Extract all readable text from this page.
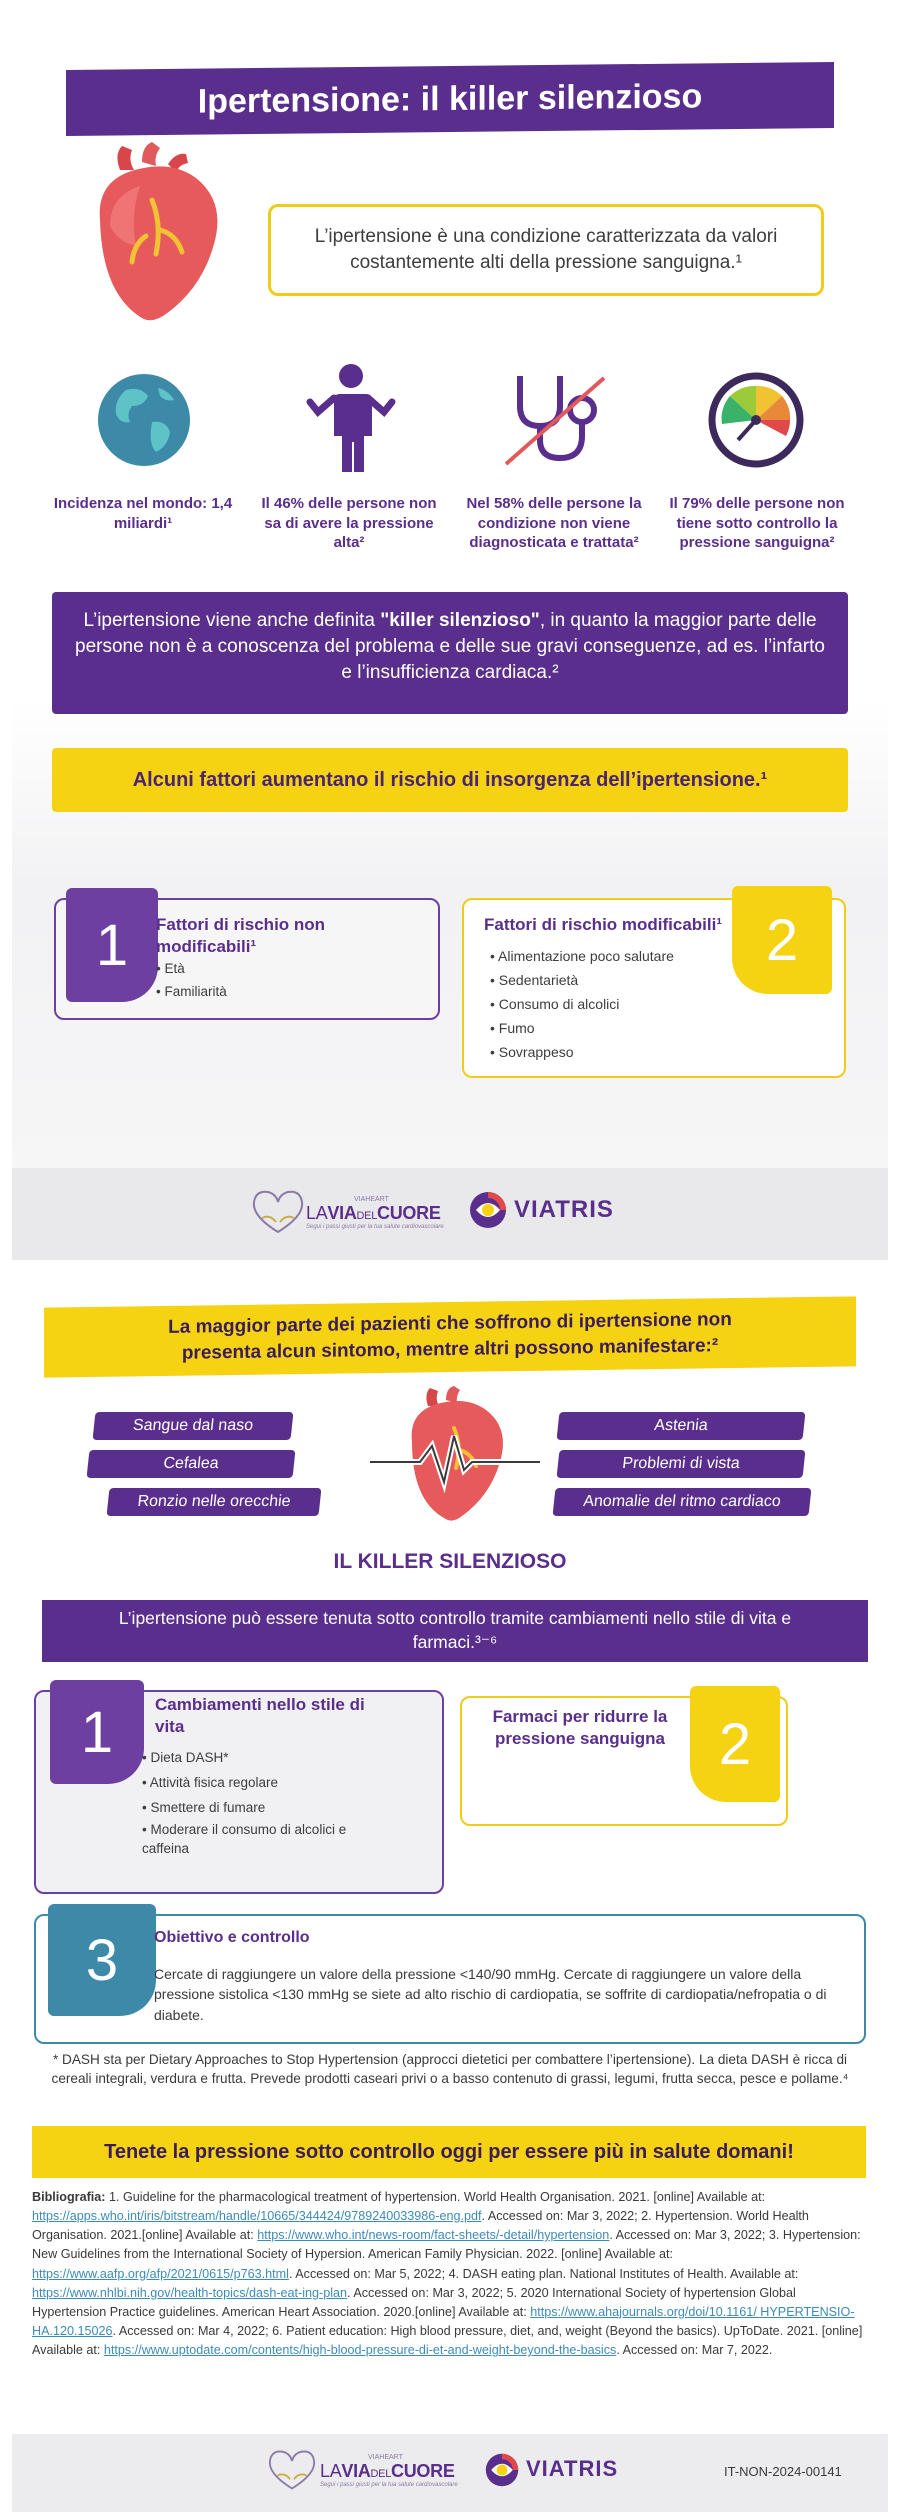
Ipertensione: il killer silenzioso
L’ipertensione è una condizione caratterizzata da valori costantemente alti della pressione sanguigna.¹
Incidenza nel mondo: 1,4 miliardi¹
Il 46% delle persone non sa di avere la pressione alta²
Nel 58% delle persone la condizione non viene diagnosticata e trattata²
Il 79% delle persone non tiene sotto controllo la pressione sanguigna²
L’ipertensione viene anche definita "killer silenzioso", in quanto la maggior parte delle persone non è a conoscenza del problema e delle sue gravi conseguenze, ad es. l’infarto e l’insufficienza cardiaca.²
Alcuni fattori aumentano il rischio di insorgenza dell’ipertensione.¹
1	Fattori di rischio non modificabili¹
• Età
• Familiarità
2
Fattori di rischio modificabili¹
• Alimentazione poco salutare
• Sedentarietà
• Consumo di alcolici
• Fumo
• Sovrappeso
VIAHEART
LAVIADELCUORE
Segui i passi giusti per la tua salute cardiovascolare
VIATRIS
La maggior parte dei pazienti che soffrono di ipertensione non presenta alcun sintomo, mentre altri possono manifestare:²
Sangue dal naso
Cefalea
Ronzio nelle orecchie
Astenia
Problemi di vista
Anomalie del ritmo cardiaco
IL KILLER SILENZIOSO
L’ipertensione può essere tenuta sotto controllo tramite cambiamenti nello stile di vita e farmaci.³⁻⁶
1	Cambiamenti nello stile di vita
• Dieta DASH*
• Attività fisica regolare
• Smettere di fumare
• Moderare il consumo di alcolici e caffeina
2
Farmaci per ridurre la pressione sanguigna
3	Obiettivo e controllo
Cercate di raggiungere un valore della pressione <140/90 mmHg. Cercate di raggiungere un valore della pressione sistolica <130 mmHg se siete ad alto rischio di cardiopatia, se soffrite di cardiopatia/nefropatia o di diabete.
* DASH sta per Dietary Approaches to Stop Hypertension (approcci dietetici per combattere l’ipertensione). La dieta DASH è ricca di cereali integrali, verdura e frutta. Prevede prodotti caseari privi o a basso contenuto di grassi, legumi, frutta secca, pesce e pollame.⁴
Tenete la pressione sotto controllo oggi per essere più in salute domani!
Bibliografia: 1. Guideline for the pharmacological treatment of hypertension. World Health Organisation. 2021. [online] Available at: https://apps.who.int/iris/bitstream/handle/10665/344424/9789240033986-eng.pdf. Accessed on: Mar 3, 2022; 2. Hypertension. World Health Organisation. 2021.[online] Available at: https://www.who.int/news-room/fact-sheets/-detail/hypertension. Accessed on: Mar 3, 2022; 3. Hypertension: New Guidelines from the International Society of Hypersion. American Family Physician. 2022. [online] Available at: https://www.aafp.org/afp/2021/0615/p763.html. Accessed on: Mar 5, 2022; 4. DASH eating plan. National Institutes of Health. Available at: https://www.nhlbi.nih.gov/health-topics/dash-eat-ing-plan. Accessed on: Mar 3, 2022; 5. 2020 International Society of hypertension Global Hypertension Practice guidelines. American Heart Association. 2020.[online] Available at: https://www.ahajournals.org/doi/10.1161/ HYPERTENSIO-HA.120.15026. Accessed on: Mar 4, 2022; 6. Patient education: High blood pressure, diet, and, weight (Beyond the basics). UpToDate. 2021. [online] Available at: https://www.uptodate.com/contents/high-blood-pressure-di-et-and-weight-beyond-the-basics. Accessed on: Mar 7, 2022.
VIAHEART
LAVIADELCUORE
Segui i passi giusti per la tua salute cardiovascolare
VIATRIS	IT-NON-2024-00141
